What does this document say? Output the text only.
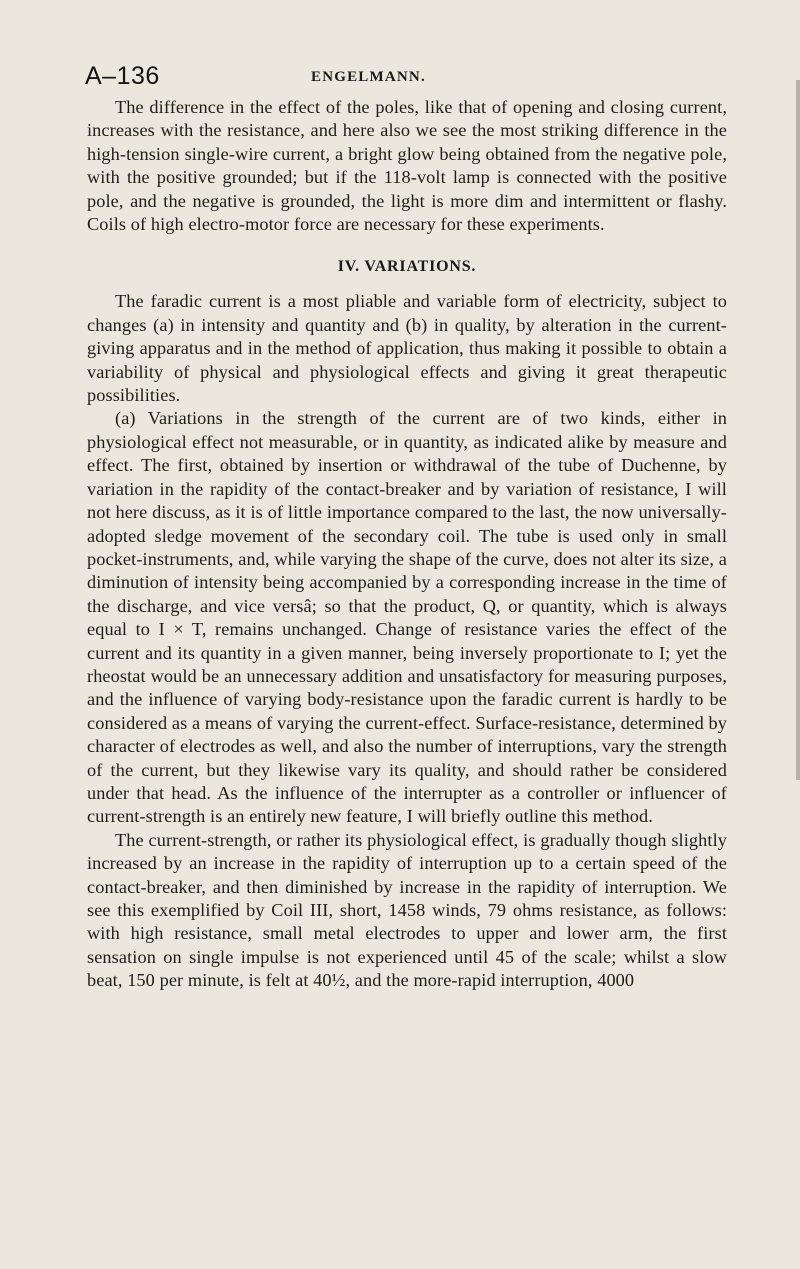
A–136	ENGELMANN.

The difference in the effect of the poles, like that of opening and closing current, increases with the resistance, and here also we see the most striking difference in the high-tension single-wire current, a bright glow being obtained from the negative pole, with the positive grounded; but if the 118-volt lamp is connected with the positive pole, and the negative is grounded, the light is more dim and intermittent or flashy. Coils of high electro-motor force are necessary for these experiments.

IV. VARIATIONS.

The faradic current is a most pliable and variable form of electricity, subject to changes (a) in intensity and quantity and (b) in quality, by alteration in the current-giving apparatus and in the method of application, thus making it possible to obtain a variability of physical and physiological effects and giving it great therapeutic possibilities.

(a) Variations in the strength of the current are of two kinds, either in physiological effect not measurable, or in quantity, as indicated alike by measure and effect. The first, obtained by insertion or withdrawal of the tube of Duchenne, by variation in the rapidity of the contact-breaker and by variation of resistance, I will not here discuss, as it is of little importance compared to the last, the now universally-adopted sledge movement of the secondary coil. The tube is used only in small pocket-instruments, and, while varying the shape of the curve, does not alter its size, a diminution of intensity being accompanied by a corresponding increase in the time of the discharge, and vice versâ; so that the product, Q, or quantity, which is always equal to I × T, remains unchanged. Change of resistance varies the effect of the current and its quantity in a given manner, being inversely proportionate to I; yet the rheostat would be an unnecessary addition and unsatisfactory for measuring purposes, and the influence of varying body-resistance upon the faradic current is hardly to be considered as a means of varying the current-effect. Surface-resistance, determined by character of electrodes as well, and also the number of interruptions, vary the strength of the current, but they likewise vary its quality, and should rather be considered under that head. As the influence of the interrupter as a controller or influencer of current-strength is an entirely new feature, I will briefly outline this method.

The current-strength, or rather its physiological effect, is gradually though slightly increased by an increase in the rapidity of interruption up to a certain speed of the contact-breaker, and then diminished by increase in the rapidity of interruption. We see this exemplified by Coil III, short, 1458 winds, 79 ohms resistance, as follows: with high resistance, small metal electrodes to upper and lower arm, the first sensation on single impulse is not experienced until 45 of the scale; whilst a slow beat, 150 per minute, is felt at 40½, and the more-rapid interruption, 4000
